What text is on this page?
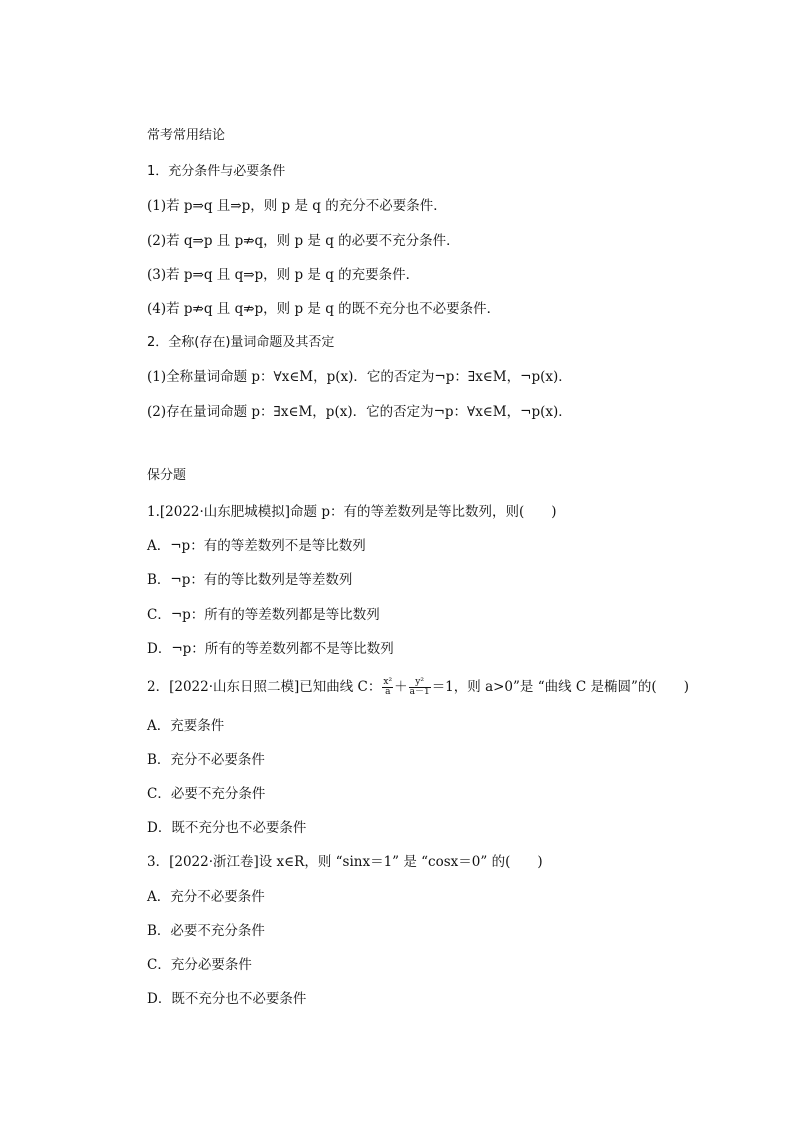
常考常用结论
1．充分条件与必要条件
(1)若 p⇒q 且⇒p，则 p 是 q 的充分不必要条件．
(2)若 q⇒p 且 p⇏q，则 p 是 q 的必要不充分条件．
(3)若 p⇒q 且 q⇒p，则 p 是 q 的充要条件．
(4)若 p⇏q 且 q⇏p，则 p 是 q 的既不充分也不必要条件．
2．全称(存在)量词命题及其否定
(1)全称量词命题 p：∀x∈M，p(x)．它的否定为¬p：∃x∈M，¬p(x)．
(2)存在量词命题 p：∃x∈M，p(x)．它的否定为¬p：∀x∈M，¬p(x)．
保分题
1.[2022·山东肥城模拟]命题 p：有的等差数列是等比数列，则(　　)
A．¬p：有的等差数列不是等比数列
B．¬p：有的等比数列是等差数列
C．¬p：所有的等差数列都是等比数列
D．¬p：所有的等差数列都不是等比数列
2．[2022·山东日照二模]已知曲线 C： $\frac{\text{x²}}{a} + \frac{\text{y²}}{a-1} =1$，则 a>0”是 “曲线 C 是椭圆”的(　　)
A．充要条件
B．充分不必要条件
C．必要不充分条件
D．既不充分也不必要条件
3．[2022·浙江卷]设 x∈R，则 “sinx＝1” 是 “cosx＝0” 的(　　)
A．充分不必要条件
B．必要不充分条件
C．充分必要条件
D．既不充分也不必要条件
